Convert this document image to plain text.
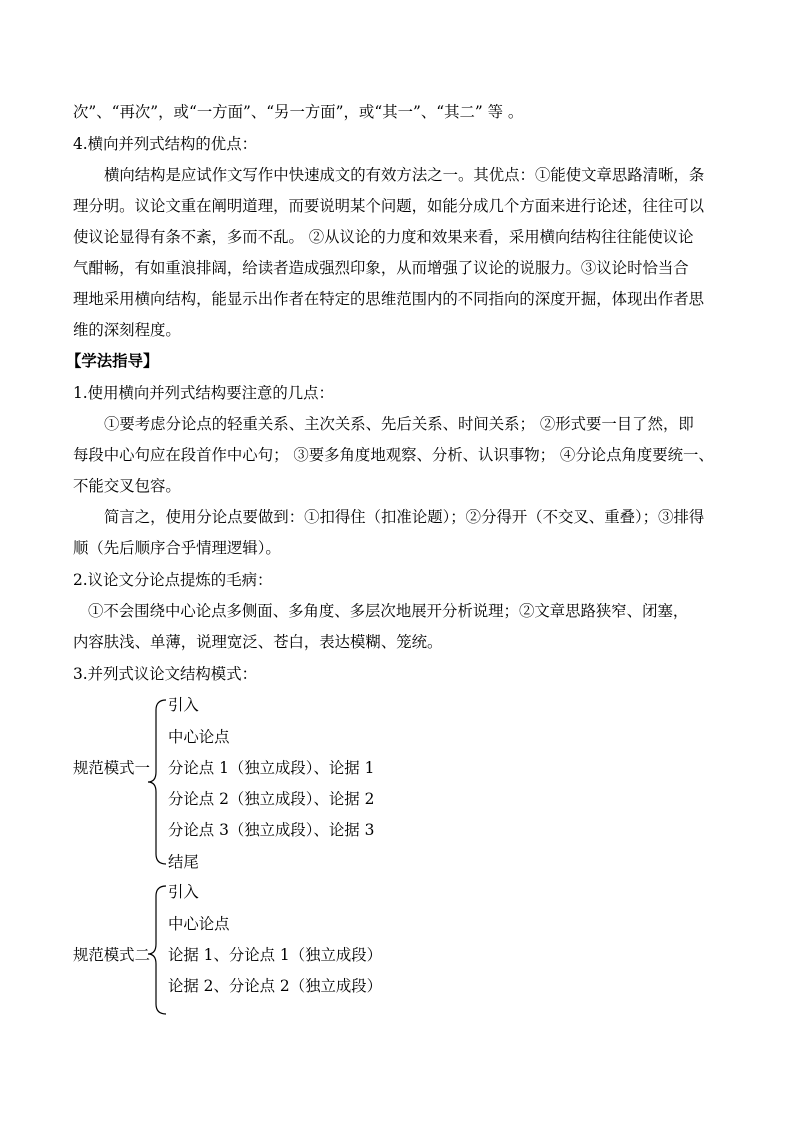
次”、“再次”，或“一方面”、“另一方面”，或“其一”、“其二” 等 。
4.横向并列式结构的优点：
横向结构是应试作文写作中快速成文的有效方法之一。其优点：①能使文章思路清晰，条
理分明。议论文重在阐明道理，而要说明某个问题，如能分成几个方面来进行论述，往往可以
使议论显得有条不紊，多而不乱。 ②从议论的力度和效果来看，采用横向结构往往能使议论
气酣畅，有如重浪排阔，给读者造成强烈印象，从而增强了议论的说服力。③议论时恰当合
理地采用横向结构，能显示出作者在特定的思维范围内的不同指向的深度开掘，体现出作者思
维的深刻程度。
【学法指导】
1.使用横向并列式结构要注意的几点：
①要考虑分论点的轻重关系、主次关系、先后关系、时间关系； ②形式要一目了然，即
每段中心句应在段首作中心句； ③要多角度地观察、分析、认识事物； ④分论点角度要统一、
不能交叉包容。
简言之，使用分论点要做到：①扣得住（扣准论题）；②分得开（不交叉、重叠）；③排得
顺（先后顺序合乎情理逻辑）。
2.议论文分论点提炼的毛病：
①不会围绕中心论点多侧面、多角度、多层次地展开分析说理；②文章思路狭窄、闭塞，
内容肤浅、单薄，说理宽泛、苍白，表达模糊、笼统。
3.并列式议论文结构模式：
规范模式一
引入
中心论点
分论点 1（独立成段）、论据 1
分论点 2（独立成段）、论据 2
分论点 3（独立成段）、论据 3
结尾
规范模式二
引入
中心论点
论据 1、分论点 1（独立成段）
论据 2、分论点 2（独立成段）
